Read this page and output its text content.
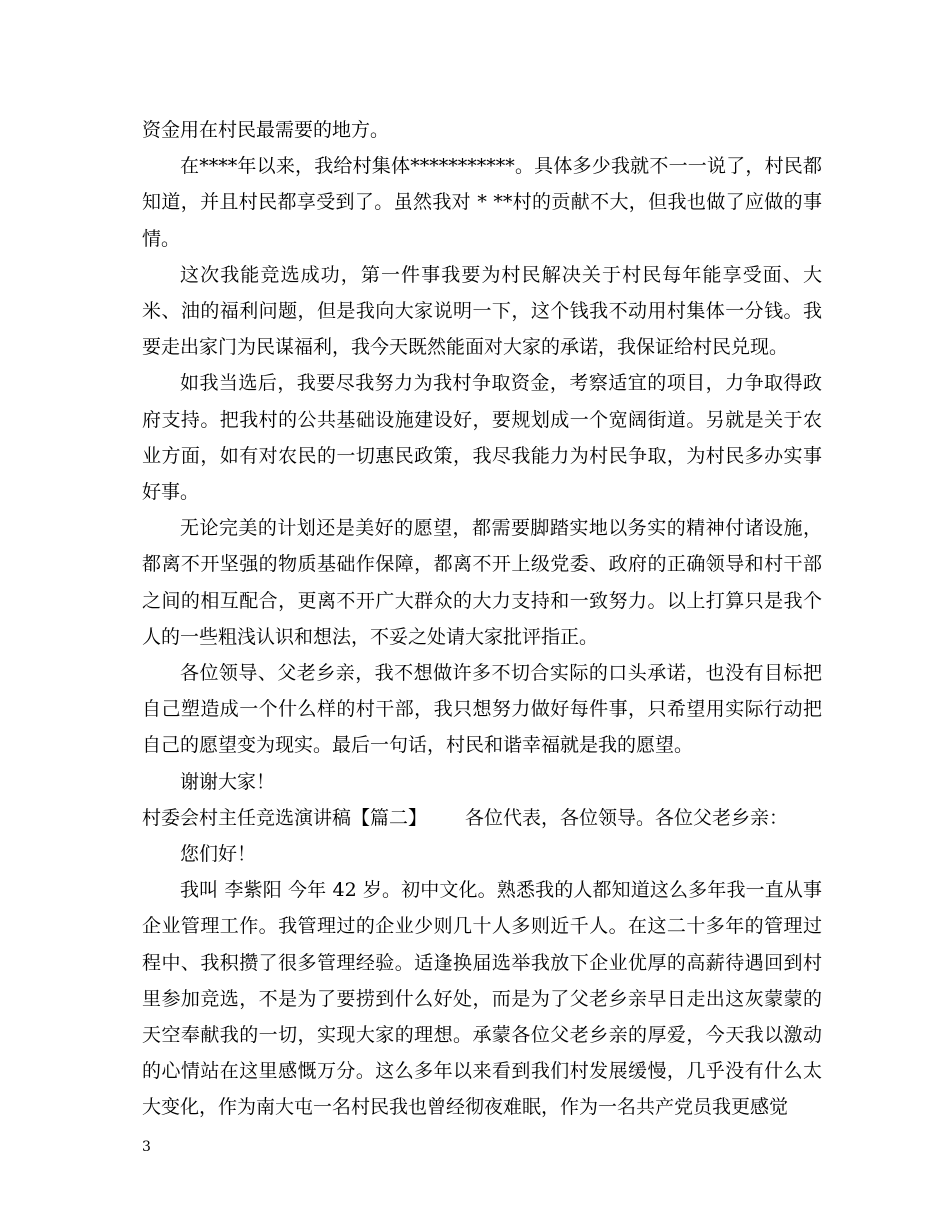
资金用在村民最需要的地方。

在****年以来，我给村集体***********。具体多少我就不一一说了，村民都知道，并且村民都享受到了。虽然我对 * **村的贡献不大，但我也做了应做的事情。

这次我能竞选成功，第一件事我要为村民解决关于村民每年能享受面、大米、油的福利问题，但是我向大家说明一下，这个钱我不动用村集体一分钱。我要走出家门为民谋福利，我今天既然能面对大家的承诺，我保证给村民兑现。

如我当选后，我要尽我努力为我村争取资金，考察适宜的项目，力争取得政府支持。把我村的公共基础设施建设好，要规划成一个宽阔街道。另就是关于农业方面，如有对农民的一切惠民政策，我尽我能力为村民争取，为村民多办实事好事。

无论完美的计划还是美好的愿望，都需要脚踏实地以务实的精神付诸设施，都离不开坚强的物质基础作保障，都离不开上级党委、政府的正确领导和村干部之间的相互配合，更离不开广大群众的大力支持和一致努力。以上打算只是我个人的一些粗浅认识和想法，不妥之处请大家批评指正。

各位领导、父老乡亲，我不想做许多不切合实际的口头承诺，也没有目标把自己塑造成一个什么样的村干部，我只想努力做好每件事，只希望用实际行动把自己的愿望变为现实。最后一句话，村民和谐幸福就是我的愿望。

谢谢大家！

村委会村主任竞选演讲稿【篇二】 各位代表，各位领导。各位父老乡亲：

您们好！

我叫 李紫阳 今年 42 岁。初中文化。熟悉我的人都知道这么多年我一直从事企业管理工作。我管理过的企业少则几十人多则近千人。在这二十多年的管理过程中、我积攒了很多管理经验。适逢换届选举我放下企业优厚的高薪待遇回到村里参加竞选，不是为了要捞到什么好处，而是为了父老乡亲早日走出这灰蒙蒙的天空奉献我的一切，实现大家的理想。承蒙各位父老乡亲的厚爱，今天我以激动的心情站在这里感慨万分。这么多年以来看到我们村发展缓慢，几乎没有什么太大变化，作为南大屯一名村民我也曾经彻夜难眠，作为一名共产党员我更感觉

3
